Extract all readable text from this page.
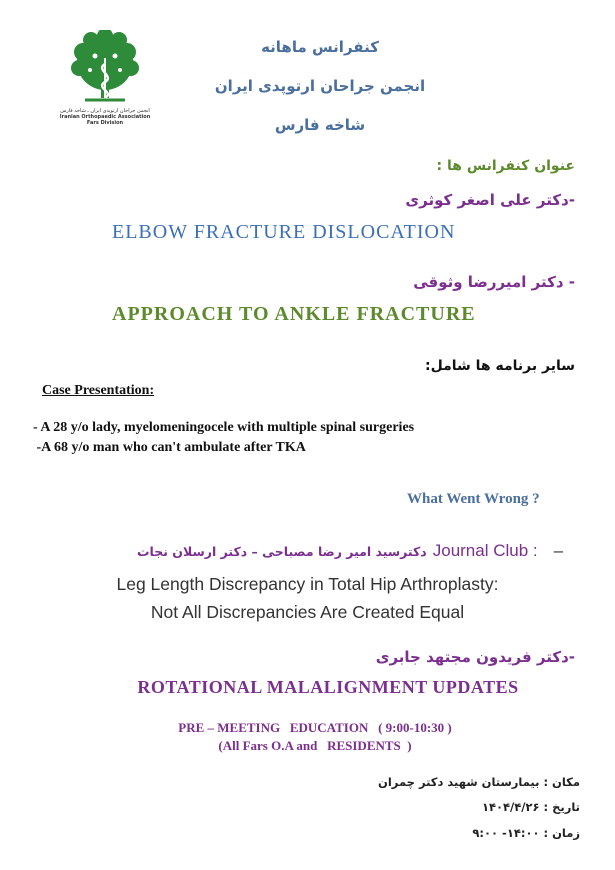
انجمن جراحان ارتوپدی ایران ـ شاخه فارس
Iranian Orthopaedic Association
Fars Division
کنفرانس ماهانه
انجمن جراحان ارتوپدی ایران
شاخه فارس
عنوان کنفرانس ها :
-دکتر علی اصغر کوثری
ELBOW FRACTURE DISLOCATION
- دکتر امیررضا وثوقی
APPROACH TO ANKLE FRACTURE
سایر برنامه ها شامل:
Case Presentation:
- A 28 y/o lady, myelomeningocele with multiple spinal surgeries
-A 68 y/o man who can't ambulate after TKA
What Went Wrong ?
دکترسید امیر رضا مصباحی – دکتر ارسلان نجات Journal Club : –
Leg Length Discrepancy in Total Hip Arthroplasty:
Not All Discrepancies Are Created Equal
-دکتر فریدون مجتهد جابری
ROTATIONAL MALALIGNMENT UPDATES
PRE – MEETING   EDUCATION   ( 9:00-10:30 )
(All Fars O.A and   RESIDENTS  )
مکان : بیمارستان شهید دکتر چمران
تاریخ : ۱۴۰۴/۴/۲۶
زمان : ۱۴:۰۰- ۹:۰۰
